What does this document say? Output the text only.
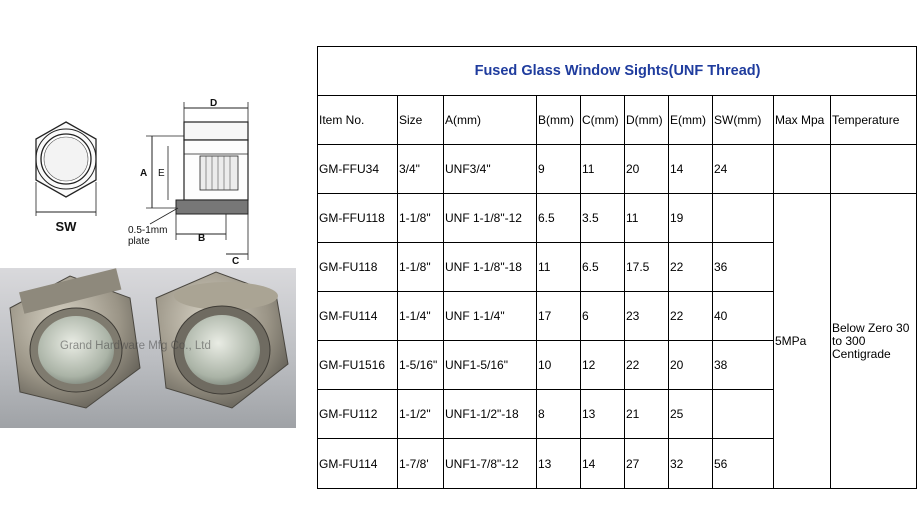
SW
D
A E
B
C
0.5-1mm
plate
Grand Hardware Mfg Co., Ltd
Fused Glass Window Sights(UNF Thread)									
Item No.	Size	A(mm)	B(mm)	C(mm)	D(mm)	E(mm)	SW(mm)	Max Mpa	Temperature
GM-FFU34	3/4"	UNF3/4"	9	11	20	14	24		
GM-FFU118	1-1/8"	UNF 1-1/8"-12	6.5	3.5	11	19		5MPa	Below Zero 30 to 300 Centigrade
GM-FU118	1-1/8"	UNF 1-1/8"-18	11	6.5	17.5	22	36		
GM-FU114	1-1/4"	UNF 1-1/4"	17	6	23	22	40		
GM-FU1516	1-5/16"	UNF1-5/16"	10	12	22	20	38		
GM-FU112	1-1/2"	UNF1-1/2"-18	8	13	21	25			
GM-FU114	1-7/8'	UNF1-7/8"-12	13	14	27	32	56		
